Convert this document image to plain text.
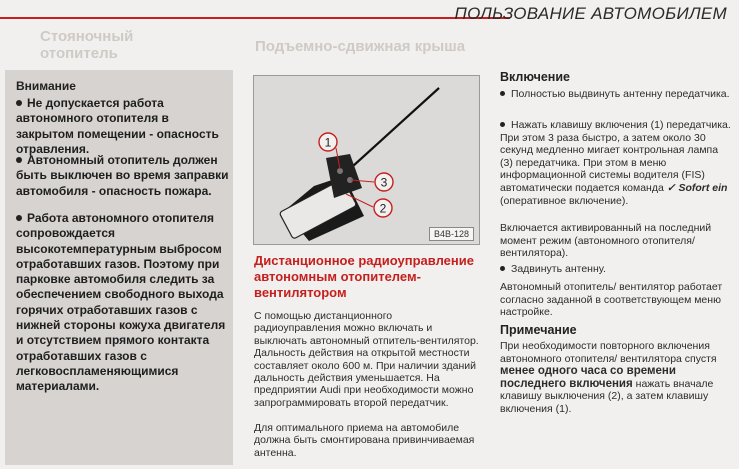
ПОЛЬЗОВАНИЕ АВТОМОБИЛЕМ
Стояночный
отопитель	Подъемно-сдвижная крыша
Внимание
Не допускается работа автономного отопителя в закрытом помещении - опасность отравления.
Автономный отопитель должен быть выключен во время заправки автомобиля - опасность пожара.
Работа автономного отопителя сопровождается высокотемпературным выбросом отработавших газов. Поэтому при парковке автомобиля следить за обеспечением свободного выхода горячих отработавших газов с нижней стороны кожуха двигателя и отсутствием прямого контакта отработавших газов с легковоспламеняющимися материалами.
1
3
2
B4B-128
Дистанционное радиоуправление автономным отопителем-вентилятором
С помощью дистанционного радиоуправления можно включать и выключать автономный отпитель-вентилятор. Дальность действия на открытой местности составляет около 600 м. При наличии зданий дальность действия уменьшается. На предприятии Audi при необходимости можно запрограммировать второй передатчик.
Для оптимального приема на автомобиле должна быть смонтирована привинчиваемая антенна.
Включение
Полностью выдвинуть антенну передатчика.
Нажать клавишу включения (1) передатчика. При этом 3 раза быстро, а затем около 30 секунд медленно мигает контрольная лампа (3) передатчика. При этом в меню информационной системы водителя (FIS) автоматически подается команда ✓ Sofort ein (оперативное включение).
Включается активированный на последний момент режим (автономного отопителя/ вентилятора).
Задвинуть антенну.
Автономный отопитель/ вентилятор работает согласно заданной в соответствующем меню настройке.
Примечание
При необходимости повторного включения автономного отопителя/ вентилятора спустя менее одного часа со времени последнего включения нажать вначале клавишу выключения (2), а затем клавишу включения (1).
